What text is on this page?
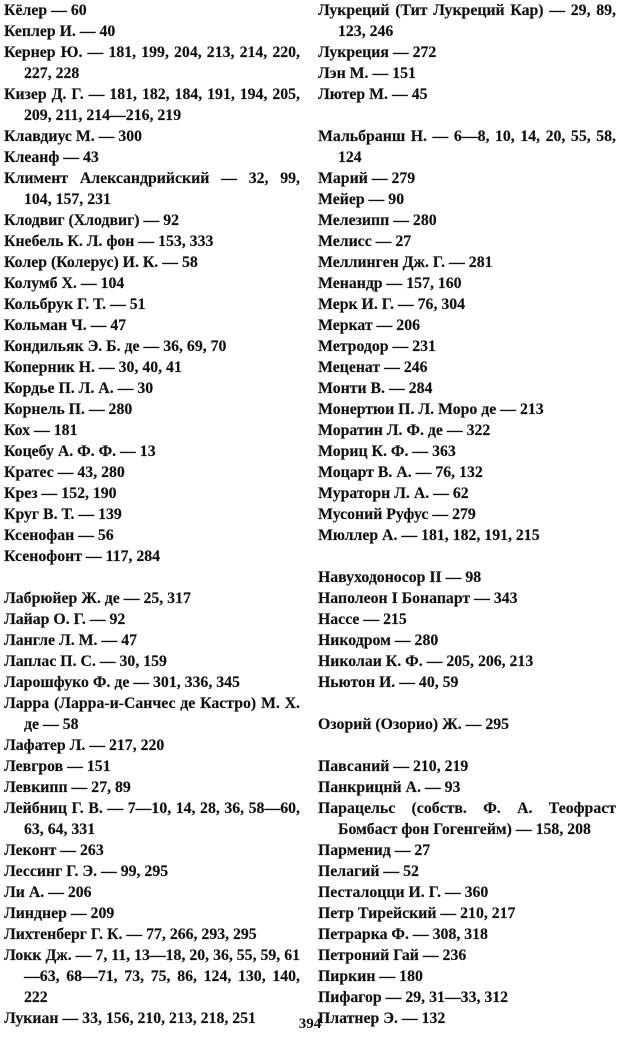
Кёлер — 60
Кеплер И. — 40
Кернер Ю. — 181, 199, 204, 213, 214, 220, 227, 228
Кизер Д. Г. — 181, 182, 184, 191, 194, 205, 209, 211, 214—216, 219
Клавдиус М. — 300
Клеанф — 43
Климент Александрийский — 32, 99, 104, 157, 231
Клодвиг (Хлодвиг) — 92
Кнебель К. Л. фон — 153, 333
Колер (Колерус) И. К. — 58
Колумб X. — 104
Кольбрук Г. Т. — 51
Кольман Ч. — 47
Кондильяк Э. Б. де — 36, 69, 70
Коперник Н. — 30, 40, 41
Кордье П. Л. А. — 30
Корнель П. — 280
Кох — 181
Коцебу А. Ф. Ф. — 13
Кратес — 43, 280
Крез — 152, 190
Круг В. Т. — 139
Ксенофан — 56
Ксенофонт — 117, 284
Лабрюйер Ж. де — 25, 317
Лайар О. Г. — 92
Лангле Л. М. — 47
Лаплас П. С. — 30, 159
Ларошфуко Ф. де — 301, 336, 345
Ларра (Ларра-и-Санчес де Кастро) М. Х. де — 58
Лафатер Л. — 217, 220
Левгров — 151
Левкипп — 27, 89
Лейбниц Г. В. — 7—10, 14, 28, 36, 58—60, 63, 64, 331
Леконт — 263
Лессинг Г. Э. — 99, 295
Ли А. — 206
Линднер — 209
Лихтенберг Г. К. — 77, 266, 293, 295
Локк Дж. — 7, 11, 13—18, 20, 36, 55, 59, 61—63, 68—71, 73, 75, 86, 124, 130, 140, 222
Лукиан — 33, 156, 210, 213, 218, 251
Лукреций (Тит Лукреций Кар) — 29, 89, 123, 246
Лукреция — 272
Лэн М. — 151
Лютер М. — 45
Мальбранш Н. — 6—8, 10, 14, 20, 55, 58, 124
Марий — 279
Мейер — 90
Мелезипп — 280
Мелисс — 27
Меллинген Дж. Г. — 281
Менандр — 157, 160
Мерк И. Г. — 76, 304
Меркат — 206
Метродор — 231
Меценат — 246
Монти В. — 284
Монертюи П. Л. Моро де — 213
Моратин Л. Ф. де — 322
Мориц К. Ф. — 363
Моцарт В. А. — 76, 132
Мураторн Л. А. — 62
Мусоний Руфус — 279
Мюллер А. — 181, 182, 191, 215
Навуходоносор II — 98
Наполеон I Бонапарт — 343
Нассе — 215
Никодром — 280
Николаи К. Ф. — 205, 206, 213
Ньютон И. — 40, 59
Озорий (Озорио) Ж. — 295
Павсаний — 210, 219
Панкрицнй А. — 93
Парацельс (собств. Ф. А. Теофраст Бомбаст фон Гогенгейм) — 158, 208
Парменид — 27
Пелагий — 52
Песталоцци И. Г. — 360
Петр Тирейский — 210, 217
Петрарка Ф. — 308, 318
Петроний Гай — 236
Пиркин — 180
Пифагор — 29, 31—33, 312
Платнер Э. — 132
394
